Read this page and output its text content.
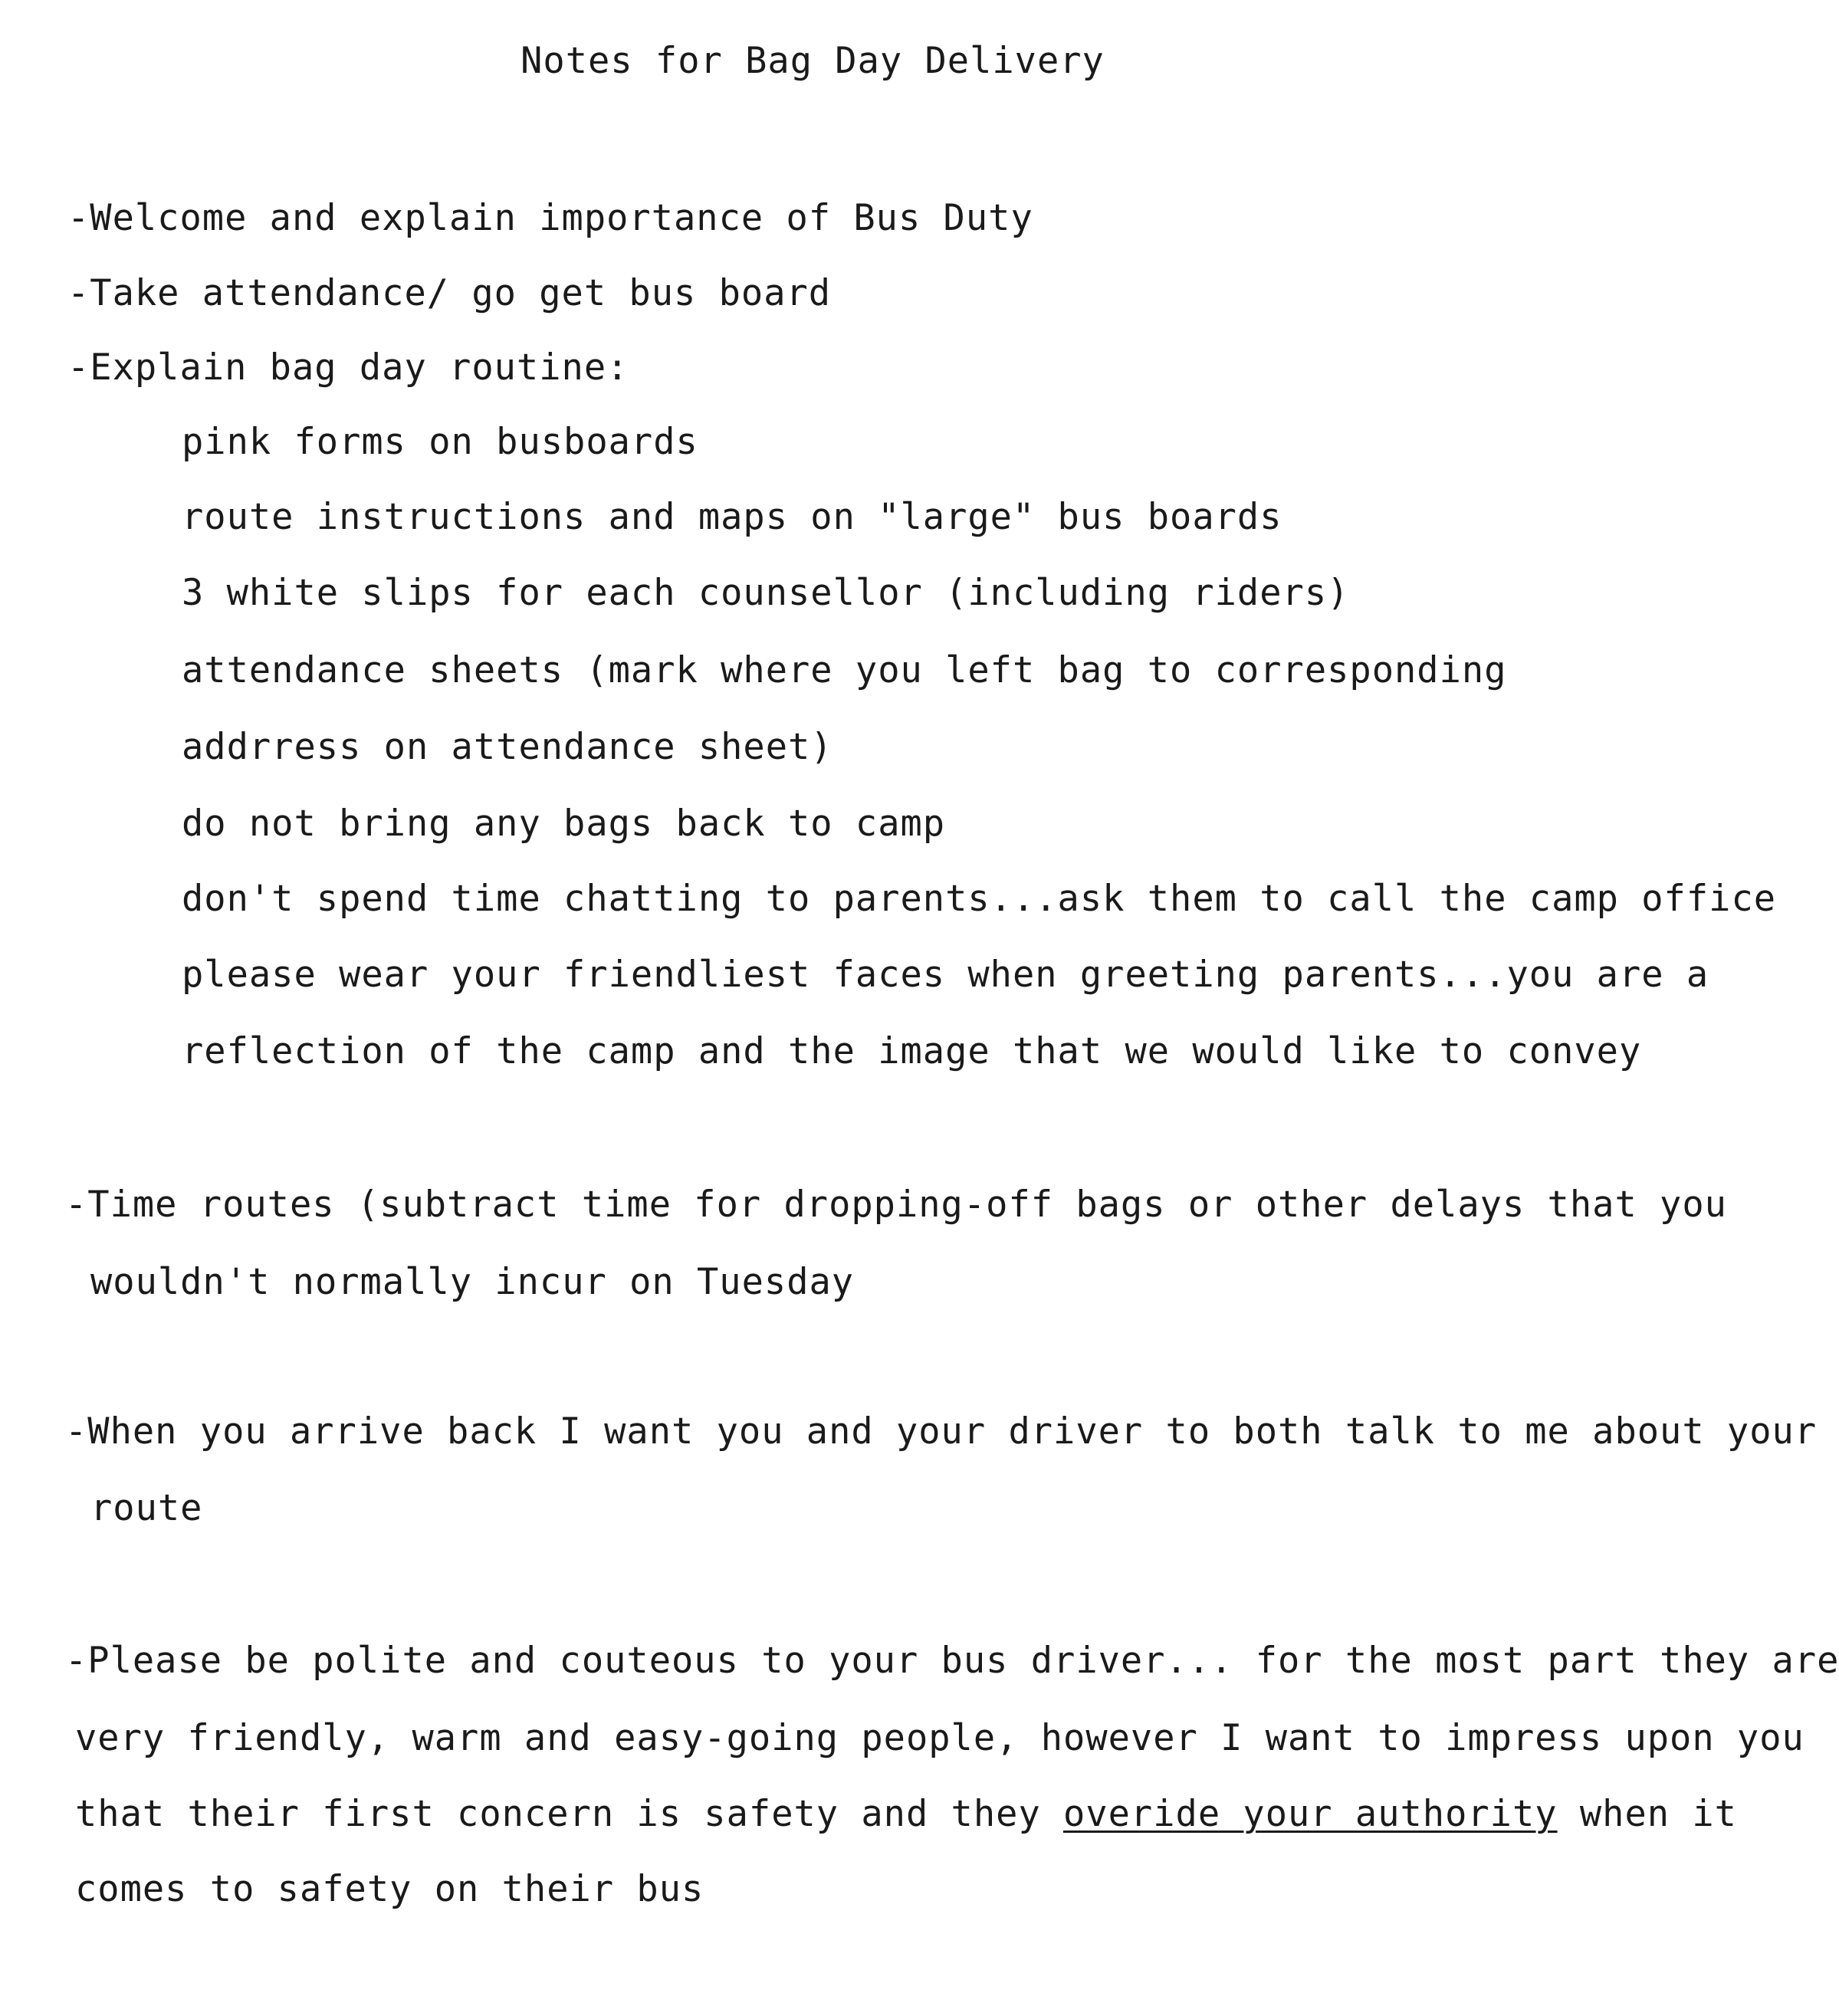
Notes for Bag Day Delivery
-Welcome and explain importance of Bus Duty
-Take attendance/ go get bus board
-Explain bag day routine:
pink forms on busboards
route instructions and maps on "large" bus boards
3 white slips for each counsellor (including riders)
attendance sheets (mark where you left bag to corresponding
addrress on attendance sheet)
do not bring any bags back to camp
don't spend time chatting to parents...ask them to call the camp office
please wear your friendliest faces when greeting parents...you are a
reflection of the camp and the image that we would like to convey
-Time routes (subtract time for dropping-off bags or other delays that you
wouldn't normally incur on Tuesday
-When you arrive back I want you and your driver to both talk to me about your
route
-Please be polite and couteous to your bus driver... for the most part they are
very friendly, warm and easy-going people, however I want to impress upon you
that their first concern is safety and they overide your authority when it
comes to safety on their bus
